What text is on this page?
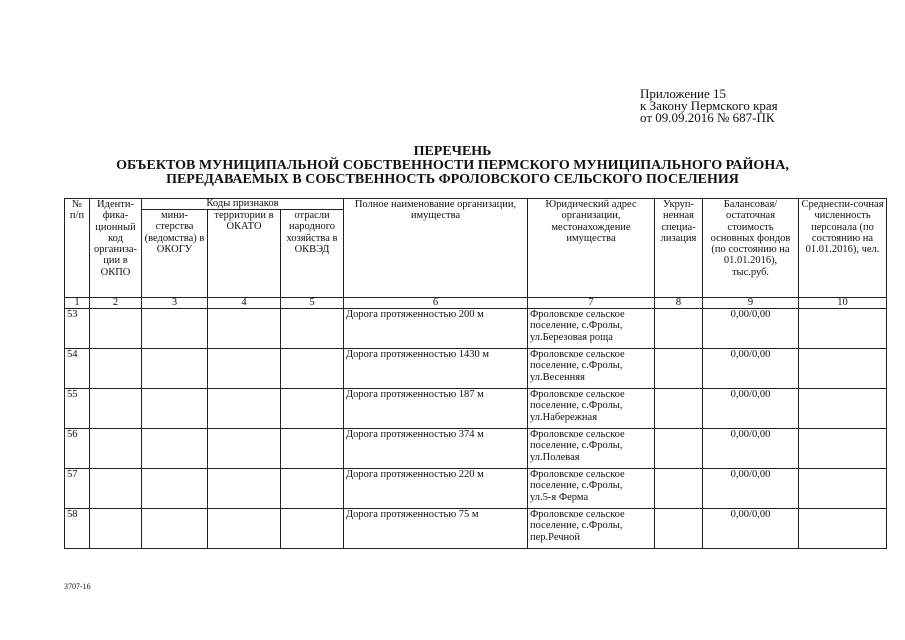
Приложение 15
к Закону Пермского края
от 09.09.2016 № 687-ПК
ПЕРЕЧЕНЬ
ОБЪЕКТОВ МУНИЦИПАЛЬНОЙ СОБСТВЕННОСТИ ПЕРМСКОГО МУНИЦИПАЛЬНОГО РАЙОНА,
ПЕРЕДАВАЕМЫХ В СОБСТВЕННОСТЬ ФРОЛОВСКОГО СЕЛЬСКОГО ПОСЕЛЕНИЯ
№ п/п	Иденти-фика-ционный код организа-ции в ОКПО	Коды признаков			Полное наименование организации, имущества	Юридический адрес организации, местонахождение имущества	Укруп-ненная специа-лизация	Балансовая/ остаточная стоимость основных фондов (по состоянию на 01.01.2016), тыс.руб.	Среднеспи-сочная численность персонала (по состоянию на 01.01.2016), чел.
		мини-стерства (ведомства) в ОКОГУ	территории в ОКАТО	отрасли народного хозяйства в ОКВЭД					
1	2	3	4	5	6	7	8	9	10
53					Дорога протяженностью 200 м	Фроловское сельское
поселение, с.Фролы,
ул.Березовая роща		0,00/0,00	
54					Дорога протяженностью 1430 м	Фроловское сельское
поселение, с.Фролы,
ул.Весенняя		0,00/0,00	
55					Дорога протяженностью 187 м	Фроловское сельское
поселение, с.Фролы,
ул.Набережная		0,00/0,00	
56					Дорога протяженностью 374 м	Фроловское сельское
поселение, с.Фролы,
ул.Полевая		0,00/0,00	
57					Дорога протяженностью 220 м	Фроловское сельское
поселение, с.Фролы,
ул.5-я Ферма		0,00/0,00	
58					Дорога протяженностью 75 м	Фроловское сельское
поселение, с.Фролы,
пер.Речной		0,00/0,00	
3707-16
